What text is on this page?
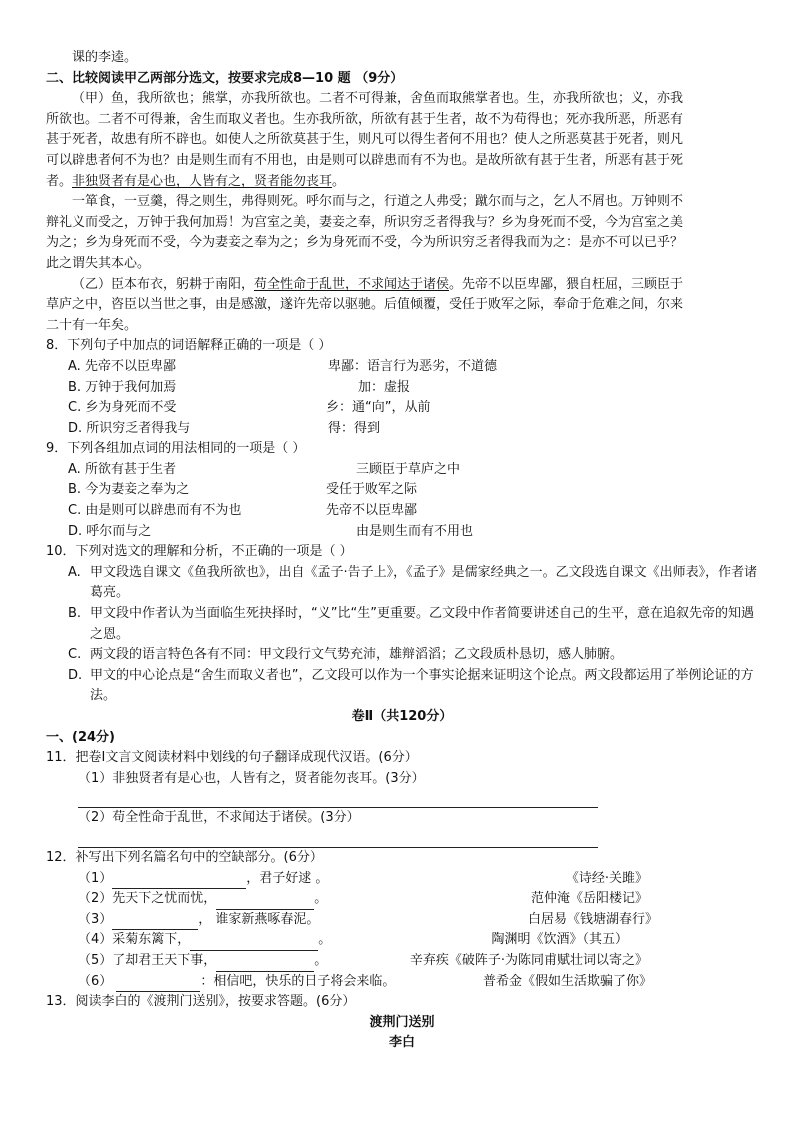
课的李逵。

二、比较阅读甲乙两部分选文，按要求完成8—10 题 （9分）

（甲）鱼，我所欲也；熊掌，亦我所欲也。二者不可得兼，舍鱼而取熊掌者也。生，亦我所欲也；义，亦我

所欲也。二者不可得兼，舍生而取义者也。生亦我所欲，所欲有甚于生者，故不为苟得也；死亦我所恶，所恶有

甚于死者，故患有所不辟也。如使人之所欲莫甚于生，则凡可以得生者何不用也？使人之所恶莫甚于死者，则凡

可以辟患者何不为也？由是则生而有不用也，由是则可以辟患而有不为也。是故所欲有甚于生者，所恶有甚于死

者。非独贤者有是心也，人皆有之，贤者能勿丧耳。

一箪食，一豆羹，得之则生，弗得则死。呼尔而与之，行道之人弗受；蹴尔而与之，乞人不屑也。万钟则不

辩礼义而受之，万钟于我何加焉！为宫室之美，妻妾之奉，所识穷乏者得我与？乡为身死而不受，今为宫室之美

为之；乡为身死而不受，今为妻妾之奉为之；乡为身死而不受，今为所识穷乏者得我而为之：是亦不可以已乎？

此之谓失其本心。

（乙）臣本布衣，躬耕于南阳，苟全性命于乱世，不求闻达于诸侯。先帝不以臣卑鄙，猥自枉屈，三顾臣于

草庐之中，咨臣以当世之事，由是感激，遂许先帝以驱驰。后值倾覆，受任于败军之际，奉命于危难之间，尔来

二十有一年矣。

8．下列句子中加点的词语解释正确的一项是（ ）

A. 先帝不以臣卑鄙	卑鄙：语言行为恶劣，不道德
B. 万钟于我何加焉	加：虚报
C. 乡为身死而不受	乡：通“向”，从前
D. 所识穷乏者得我与	得：得到

9．下列各组加点词的用法相同的一项是（ ）

A. 所欲有甚于生者	三顾臣于草庐之中
B. 今为妻妾之奉为之	受任于败军之际
C. 由是则可以辟患而有不为也	先帝不以臣卑鄙
D. 呼尔而与之	由是则生而有不用也

10．下列对选文的理解和分析，不正确的一项是（ ）

A. 甲文段选自课文《鱼我所欲也》，出自《孟子·告子上》，《孟子》是儒家经典之一。乙文段选自课文《出师表》，作者诸葛亮。
B. 甲文段中作者认为当面临生死抉择时，“义”比“生”更重要。乙文段中作者简要讲述自己的生平，意在追叙先帝的知遇之恩。
C. 两文段的语言特色各有不同：甲文段行文气势充沛，雄辩滔滔；乙文段质朴恳切，感人肺腑。
D. 甲文的中心论点是“舍生而取义者也”，乙文段可以作为一个事实论据来证明这个论点。两文段都运用了举例论证的方法。

卷Ⅱ（共120分）

一、(24分)

11．把卷Ⅰ文言文阅读材料中划线的句子翻译成现代汉语。(6分）

（1）非独贤者有是心也，人皆有之，贤者能勿丧耳。(3分）

（2）苟全性命于乱世，不求闻达于诸侯。(3分）

12．补写出下列名篇名句中的空缺部分。(6分）

（1）	，君子好逑 。	《诗经·关雎》
（2）先天下之忧而忧，	。	范仲淹《岳阳楼记》
（3）	， 谁家新燕啄春泥。	白居易《钱塘湖春行》
（4）采菊东篱下，	。	陶渊明《饮酒》（其五）
（5）了却君王天下事，	。	辛弃疾《破阵子·为陈同甫赋壮词以寄之》
（6）	：相信吧，快乐的日子将会来临。	普希金《假如生活欺骗了你》

13．阅读李白的《渡荆门送别》，按要求答题。(6分）

渡荆门送别

李白
